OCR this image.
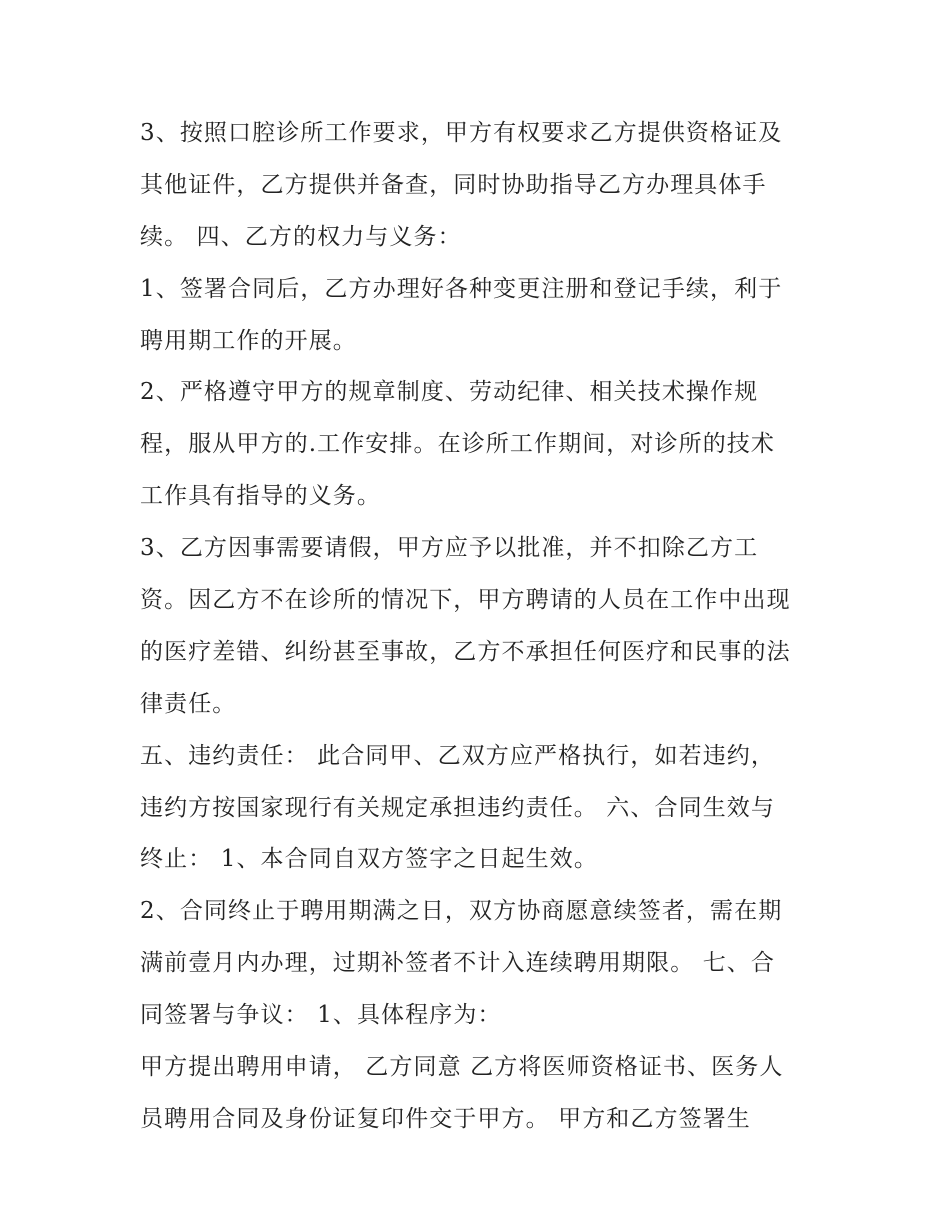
3、按照口腔诊所工作要求，甲方有权要求乙方提供资格证及
其他证件，乙方提供并备查，同时协助指导乙方办理具体手
续。 四、乙方的权力与义务：
1、签署合同后，乙方办理好各种变更注册和登记手续，利于
聘用期工作的开展。
2、严格遵守甲方的规章制度、劳动纪律、相关技术操作规
程，服从甲方的.工作安排。在诊所工作期间，对诊所的技术
工作具有指导的义务。
3、乙方因事需要请假，甲方应予以批准，并不扣除乙方工
资。因乙方不在诊所的情况下，甲方聘请的人员在工作中出现
的医疗差错、纠纷甚至事故，乙方不承担任何医疗和民事的法
律责任。
五、违约责任： 此合同甲、乙双方应严格执行，如若违约，
违约方按国家现行有关规定承担违约责任。 六、合同生效与
终止： 1、本合同自双方签字之日起生效。
2、合同终止于聘用期满之日，双方协商愿意续签者，需在期
满前壹月内办理，过期补签者不计入连续聘用期限。 七、合
同签署与争议： 1、具体程序为：
甲方提出聘用申请， 乙方同意 乙方将医师资格证书、医务人
员聘用合同及身份证复印件交于甲方。 甲方和乙方签署生
